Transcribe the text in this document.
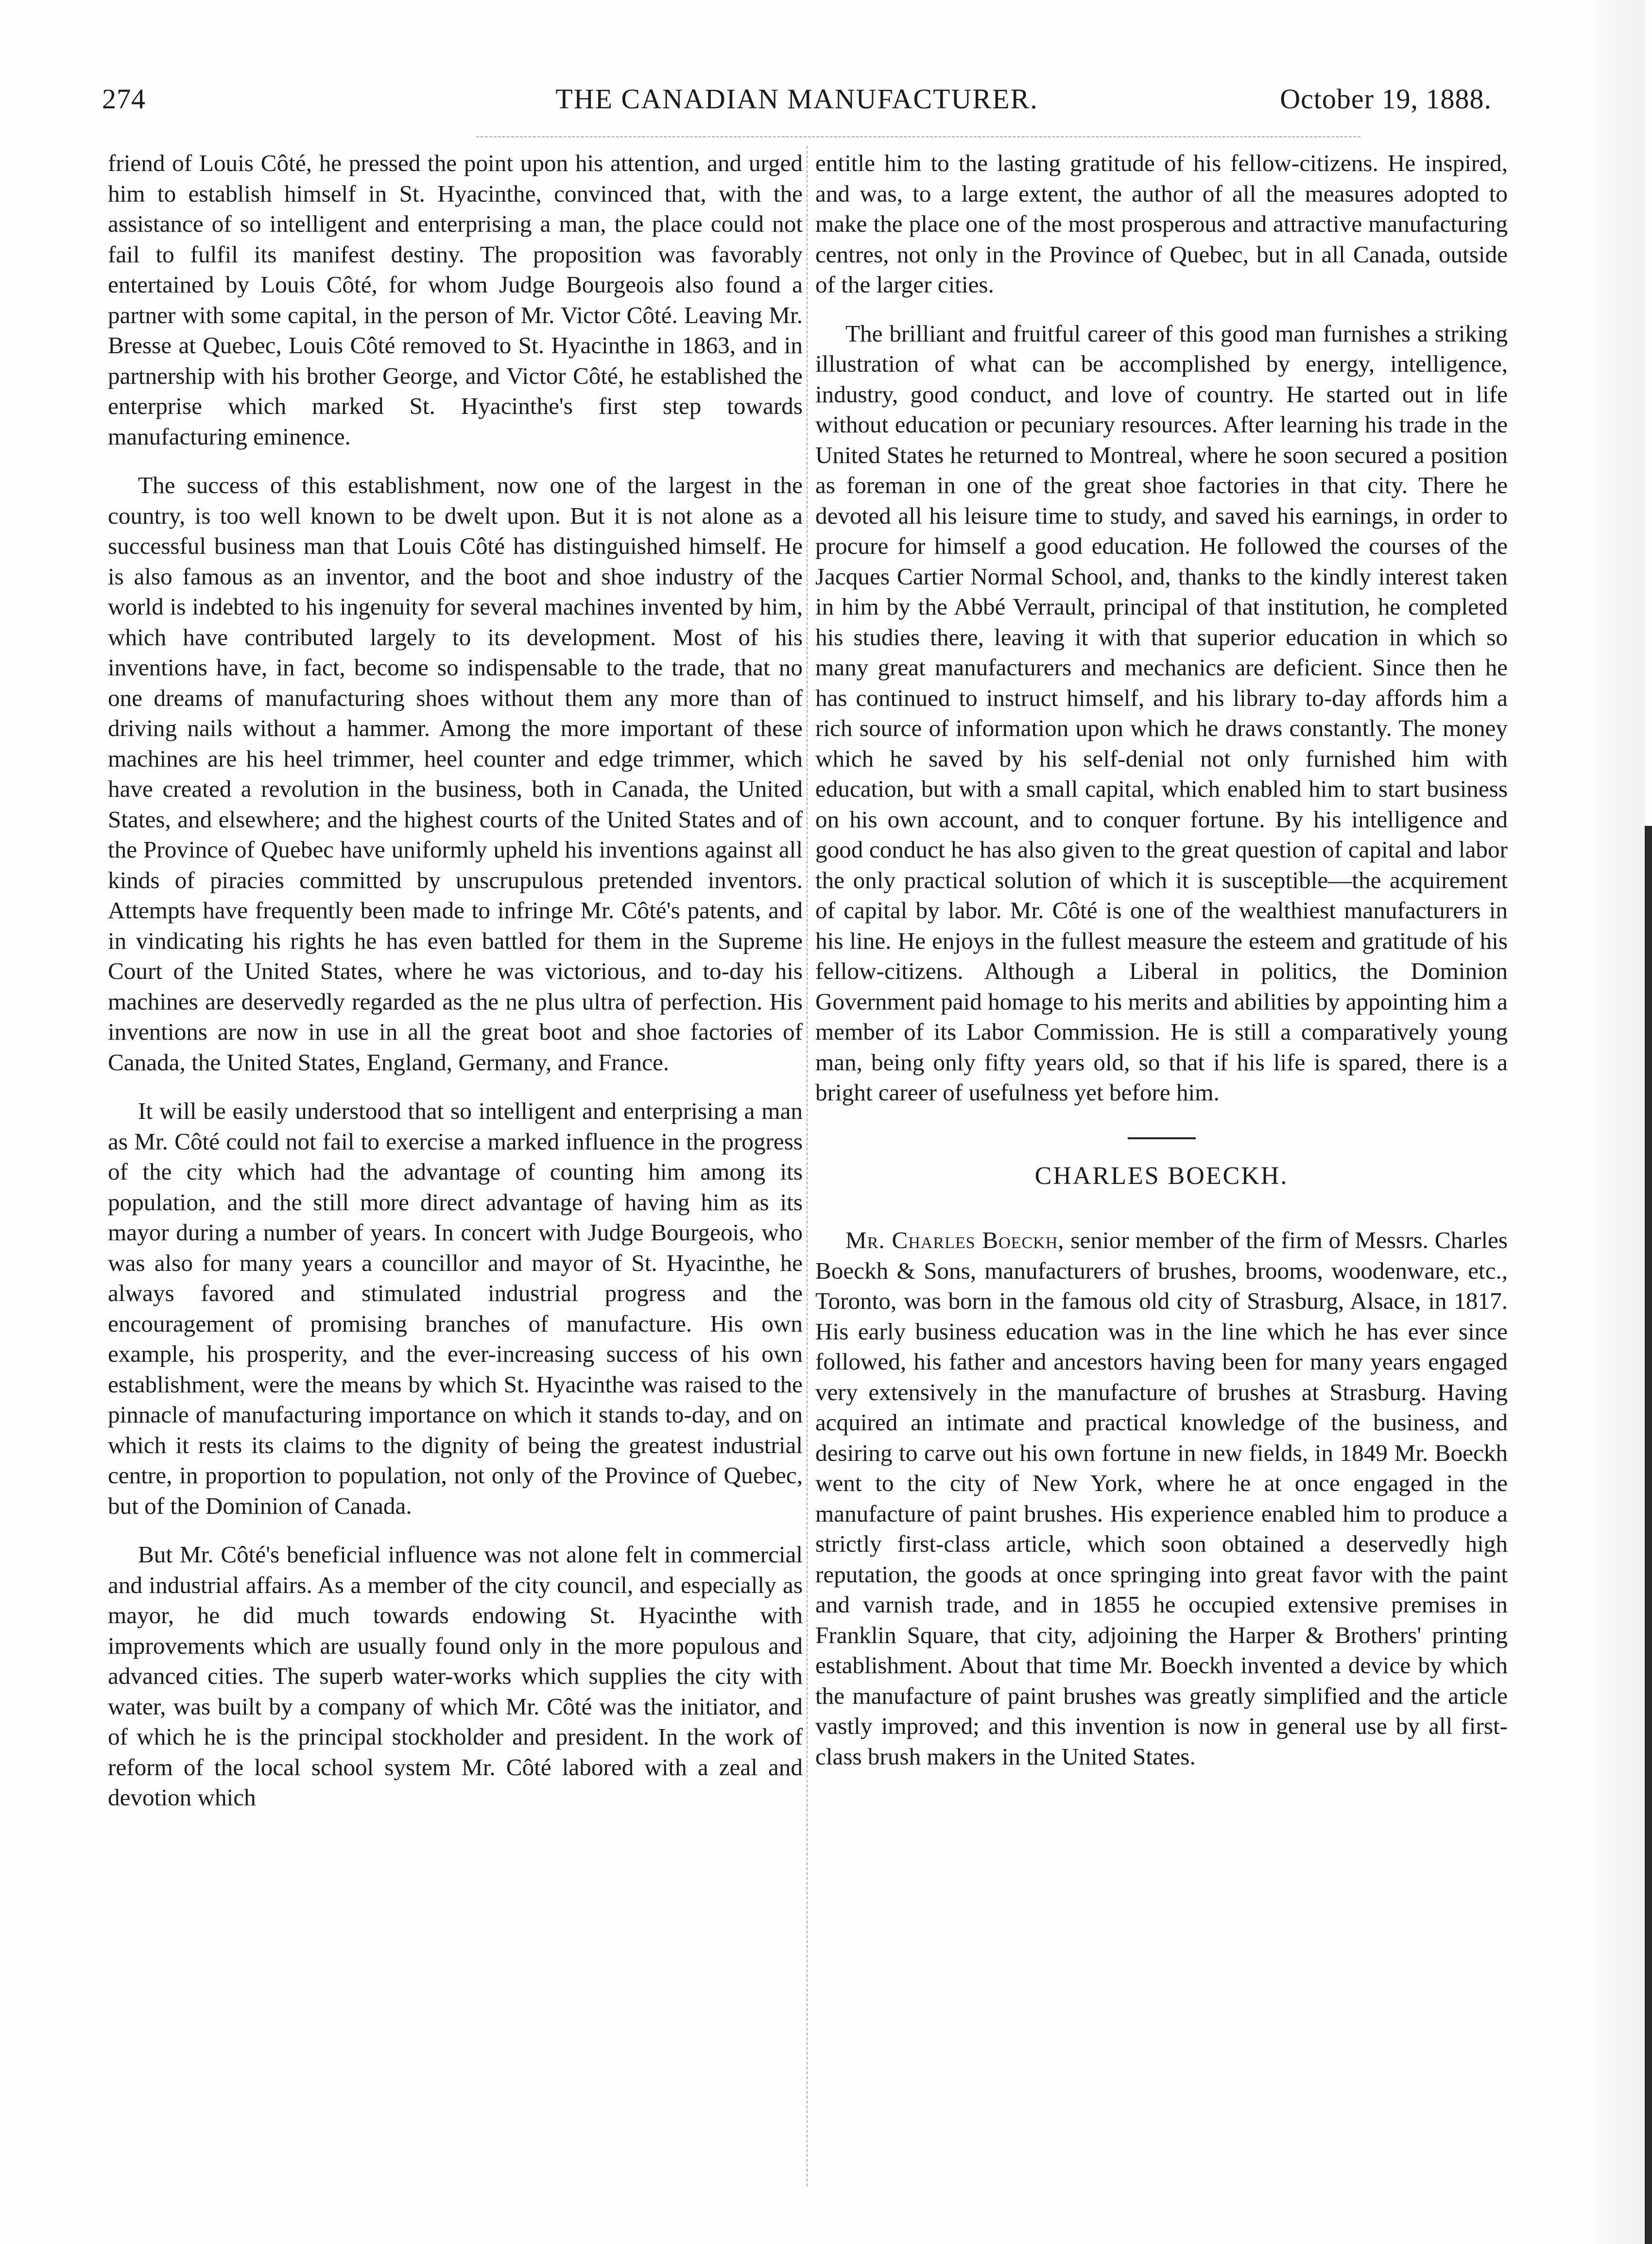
274	THE CANADIAN MANUFACTURER.	October 19, 1888.

friend of Louis Côté, he pressed the point upon his attention, and urged him to establish himself in St. Hyacinthe, convinced that, with the assistance of so intelligent and enterprising a man, the place could not fail to fulfil its manifest destiny. The proposition was favorably entertained by Louis Côté, for whom Judge Bourgeois also found a partner with some capital, in the person of Mr. Victor Côté. Leaving Mr. Bresse at Quebec, Louis Côté removed to St. Hyacinthe in 1863, and in partnership with his brother George, and Victor Côté, he established the enterprise which marked St. Hyacinthe's first step towards manufacturing eminence.

The success of this establishment, now one of the largest in the country, is too well known to be dwelt upon. But it is not alone as a successful business man that Louis Côté has distinguished himself. He is also famous as an inventor, and the boot and shoe industry of the world is indebted to his ingenuity for several machines invented by him, which have contributed largely to its development. Most of his inventions have, in fact, become so indispensable to the trade, that no one dreams of manufacturing shoes without them any more than of driving nails without a hammer. Among the more important of these machines are his heel trimmer, heel counter and edge trimmer, which have created a revolution in the business, both in Canada, the United States, and elsewhere; and the highest courts of the United States and of the Province of Quebec have uniformly upheld his inventions against all kinds of piracies committed by unscrupulous pretended inventors. Attempts have frequently been made to infringe Mr. Côté's patents, and in vindicating his rights he has even battled for them in the Supreme Court of the United States, where he was victorious, and to-day his machines are deservedly regarded as the ne plus ultra of perfection. His inventions are now in use in all the great boot and shoe factories of Canada, the United States, England, Germany, and France.

It will be easily understood that so intelligent and enterprising a man as Mr. Côté could not fail to exercise a marked influence in the progress of the city which had the advantage of counting him among its population, and the still more direct advantage of having him as its mayor during a number of years. In concert with Judge Bourgeois, who was also for many years a councillor and mayor of St. Hyacinthe, he always favored and stimulated industrial progress and the encouragement of promising branches of manufacture. His own example, his prosperity, and the ever-increasing success of his own establishment, were the means by which St. Hyacinthe was raised to the pinnacle of manufacturing importance on which it stands to-day, and on which it rests its claims to the dignity of being the greatest industrial centre, in proportion to population, not only of the Province of Quebec, but of the Dominion of Canada.

But Mr. Côté's beneficial influence was not alone felt in commercial and industrial affairs. As a member of the city council, and especially as mayor, he did much towards endowing St. Hyacinthe with improvements which are usually found only in the more populous and advanced cities. The superb water-works which supplies the city with water, was built by a company of which Mr. Côté was the initiator, and of which he is the principal stockholder and president. In the work of reform of the local school system Mr. Côté labored with a zeal and devotion which

entitle him to the lasting gratitude of his fellow-citizens. He inspired, and was, to a large extent, the author of all the measures adopted to make the place one of the most prosperous and attractive manufacturing centres, not only in the Province of Quebec, but in all Canada, outside of the larger cities.

The brilliant and fruitful career of this good man furnishes a striking illustration of what can be accomplished by energy, intelligence, industry, good conduct, and love of country. He started out in life without education or pecuniary resources. After learning his trade in the United States he returned to Montreal, where he soon secured a position as foreman in one of the great shoe factories in that city. There he devoted all his leisure time to study, and saved his earnings, in order to procure for himself a good education. He followed the courses of the Jacques Cartier Normal School, and, thanks to the kindly interest taken in him by the Abbé Verrault, principal of that institution, he completed his studies there, leaving it with that superior education in which so many great manufacturers and mechanics are deficient. Since then he has continued to instruct himself, and his library to-day affords him a rich source of information upon which he draws constantly. The money which he saved by his self-denial not only furnished him with education, but with a small capital, which enabled him to start business on his own account, and to conquer fortune. By his intelligence and good conduct he has also given to the great question of capital and labor the only practical solution of which it is susceptible—the acquirement of capital by labor. Mr. Côté is one of the wealthiest manufacturers in his line. He enjoys in the fullest measure the esteem and gratitude of his fellow-citizens. Although a Liberal in politics, the Dominion Government paid homage to his merits and abilities by appointing him a member of its Labor Commission. He is still a comparatively young man, being only fifty years old, so that if his life is spared, there is a bright career of usefulness yet before him.

CHARLES BOECKH.

Mr. Charles Boeckh, senior member of the firm of Messrs. Charles Boeckh & Sons, manufacturers of brushes, brooms, woodenware, etc., Toronto, was born in the famous old city of Strasburg, Alsace, in 1817. His early business education was in the line which he has ever since followed, his father and ancestors having been for many years engaged very extensively in the manufacture of brushes at Strasburg. Having acquired an intimate and practical knowledge of the business, and desiring to carve out his own fortune in new fields, in 1849 Mr. Boeckh went to the city of New York, where he at once engaged in the manufacture of paint brushes. His experience enabled him to produce a strictly first-class article, which soon obtained a deservedly high reputation, the goods at once springing into great favor with the paint and varnish trade, and in 1855 he occupied extensive premises in Franklin Square, that city, adjoining the Harper & Brothers' printing establishment. About that time Mr. Boeckh invented a device by which the manufacture of paint brushes was greatly simplified and the article vastly improved; and this invention is now in general use by all first-class brush makers in the United States.
